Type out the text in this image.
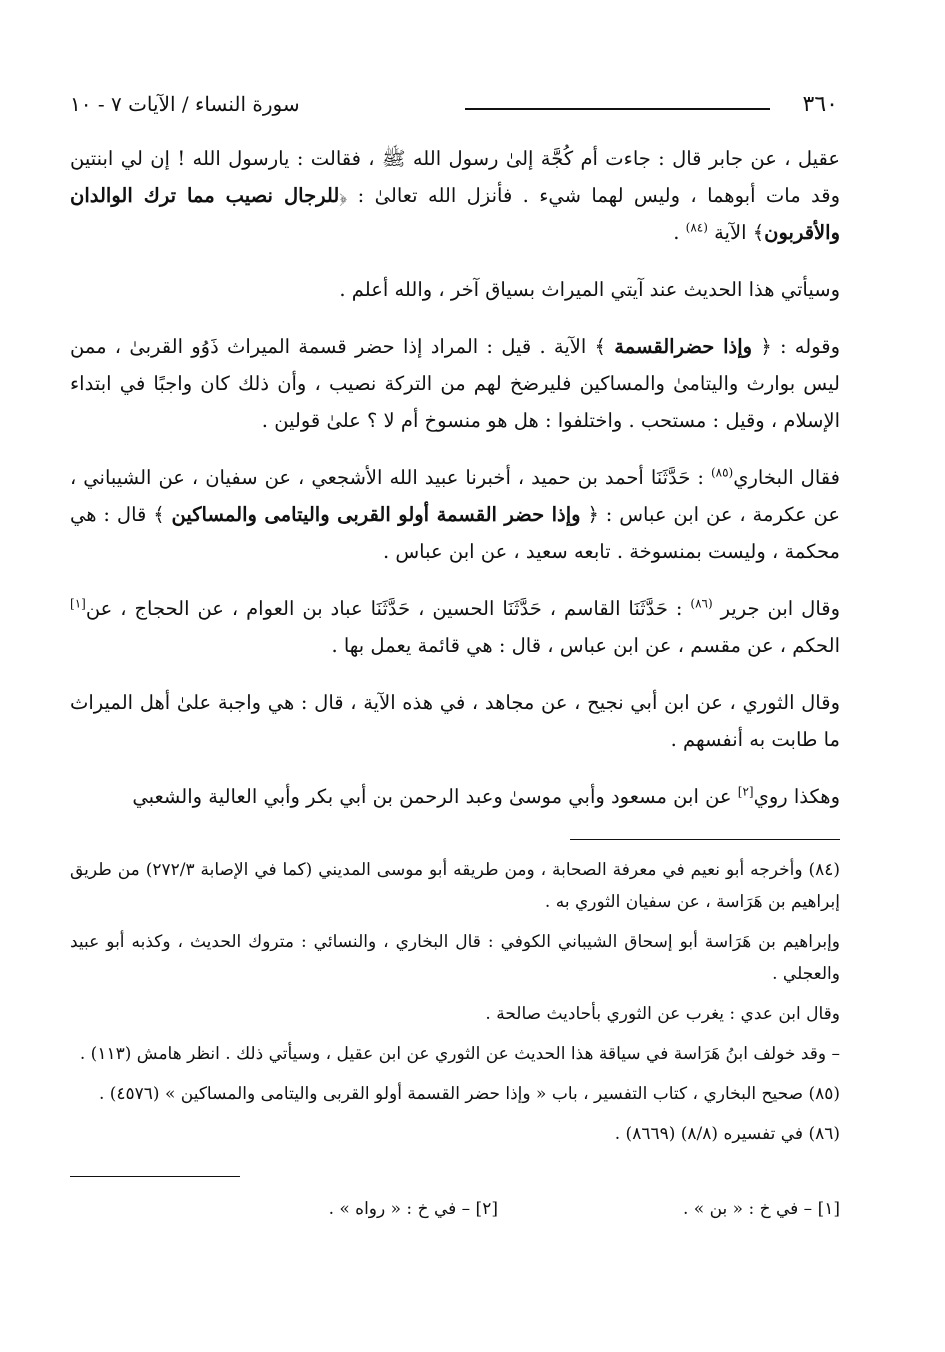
٣٦٠
سورة النساء / الآيات ٧ - ١٠

عقيل ، عن جابر قال : جاءت أم كُجَّة إلىٰ رسول الله ﷺ ، فقالت : يارسول الله ! إن لي ابنتين وقد مات أبوهما ، وليس لهما شيء . فأنزل الله تعالىٰ : ﴿للرجال نصيب مما ترك الوالدان والأقربون﴾ الآية $^{(٨٤)}$ .

وسيأتي هذا الحديث عند آيتي الميراث بسياق آخر ، والله أعلم .

وقوله : ﴿ وإذا حضرالقسمة ﴾ الآية . قيل : المراد إذا حضر قسمة الميراث ذَوُو القربىٰ ، ممن ليس بوارث واليتامىٰ والمساكين فليرضخ لهم من التركة نصيب ، وأن ذلك كان واجبًا في ابتداء الإسلام ، وقيل : مستحب . واختلفوا : هل هو منسوخ أم لا ؟ علىٰ قولين .

فقال البخاري$^{(٨٥)}$ : حَدَّثَنَا أحمد بن حميد ، أخبرنا عبيد الله الأشجعي ، عن سفيان ، عن الشيباني ، عن عكرمة ، عن ابن عباس : ﴿ وإذا حضر القسمة أولو القربى واليتامى والمساكين ﴾ قال : هي محكمة ، وليست بمنسوخة . تابعه سعيد ، عن ابن عباس .

وقال ابن جرير $^{(٨٦)}$ : حَدَّثَنَا القاسم ، حَدَّثَنَا الحسين ، حَدَّثَنَا عباد بن العوام ، عن الحجاج ، عن[١] الحكم ، عن مقسم ، عن ابن عباس ، قال : هي قائمة يعمل بها .

وقال الثوري ، عن ابن أبي نجيح ، عن مجاهد ، في هذه الآية ، قال : هي واجبة علىٰ أهل الميراث ما طابت به أنفسهم .

وهكذا روي[٢] عن ابن مسعود وأبي موسىٰ وعبد الرحمن بن أبي بكر وأبي العالية والشعبي

(٨٤) وأخرجه أبو نعيم في معرفة الصحابة ، ومن طريقه أبو موسى المديني (كما في الإصابة ٢٧٢/٣) من طريق إبراهيم بن هَرَاسة ، عن سفيان الثوري به .

وإبراهيم بن هَرَاسة أبو إسحاق الشيباني الكوفي : قال البخاري ، والنسائي : متروك الحديث ، وكذبه أبو عبيد والعجلي .

وقال ابن عدي : يغرب عن الثوري بأحاديث صالحة .

– وقد خولف ابنُ هَرَاسة في سياقة هذا الحديث عن الثوري عن ابن عقيل ، وسيأتي ذلك . انظر هامش (١١٣) .

(٨٥) صحيح البخاري ، كتاب التفسير ، باب « وإذا حضر القسمة أولو القربى واليتامى والمساكين » (٤٥٧٦) .

(٨٦) في تفسيره (٨/٨) (٨٦٦٩) .

[١] – في خ : « بن » .
[٢] – في خ : « رواه » .
